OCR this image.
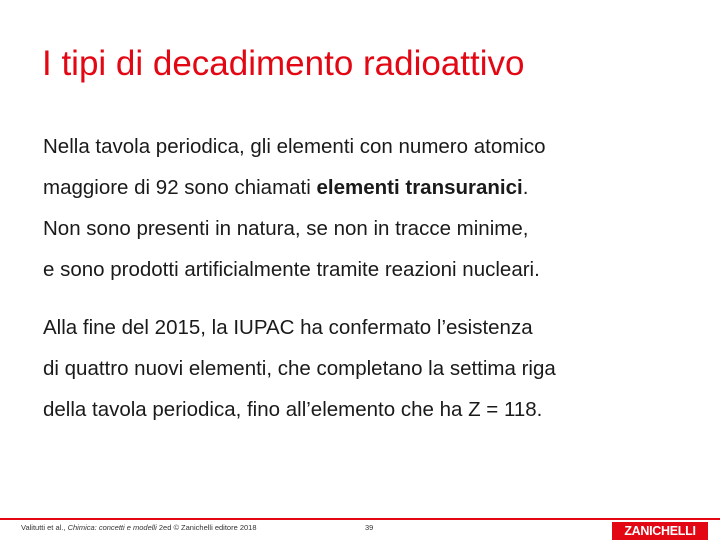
I tipi di decadimento radioattivo
Nella tavola periodica, gli elementi con numero atomico
maggiore di 92 sono chiamati elementi transuranici.
Non sono presenti in natura, se non in tracce minime,
e sono prodotti artificialmente tramite reazioni nucleari.
Alla fine del 2015, la IUPAC ha confermato l’esistenza
di quattro nuovi elementi, che completano la settima riga
della tavola periodica, fino all’elemento che ha Z = 118.
Valitutti et al., Chimica: concetti e modelli 2ed © Zanichelli editore 2018	39	ZANICHELLI
